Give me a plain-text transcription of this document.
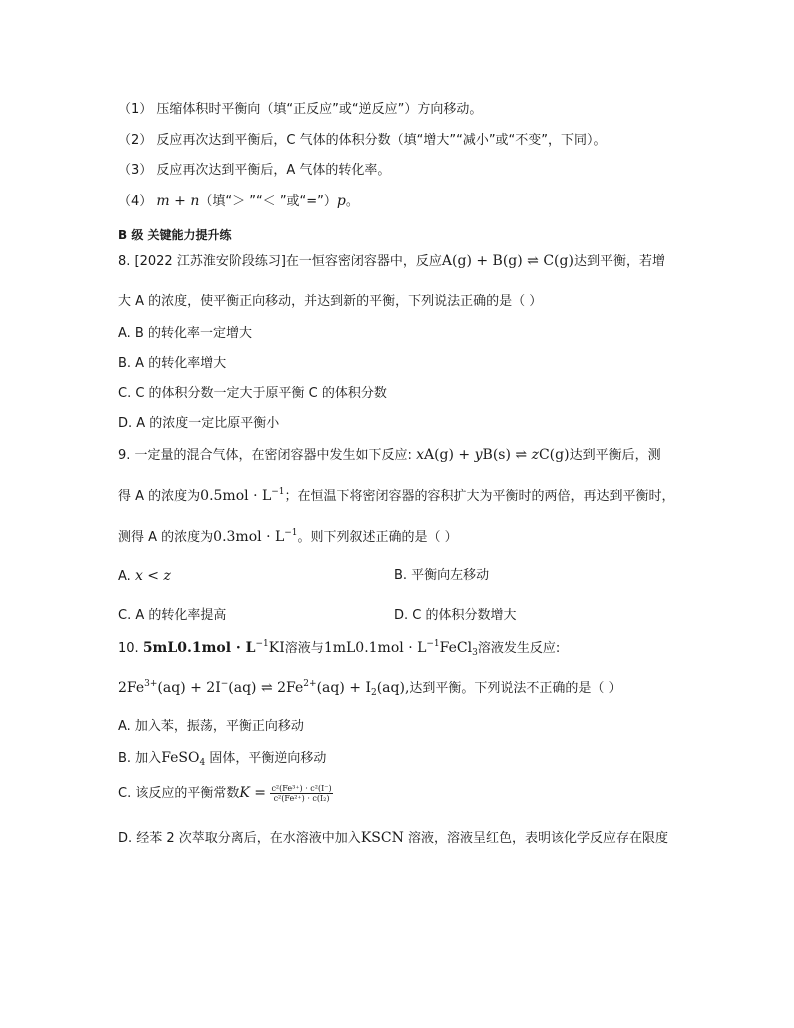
（1） 压缩体积时平衡向（填“正反应”或“逆反应”）方向移动。
（2） 反应再次达到平衡后，C 气体的体积分数（填“增大”“减小”或“不变”，下同）。
（3） 反应再次达到平衡后，A 气体的转化率。
（4） m + n（填“＞ ”“＜ ”或“=”）p。
B 级 关键能力提升练
8. [2022 江苏淮安阶段练习]在一恒容密闭容器中，反应A(g) + B(g) ⇌ C(g)达到平衡，若增
大 A 的浓度，使平衡正向移动，并达到新的平衡，下列说法正确的是（ ）
A. B 的转化率一定增大
B. A 的转化率增大
C. C 的体积分数一定大于原平衡 C 的体积分数
D. A 的浓度一定比原平衡小
9. 一定量的混合气体，在密闭容器中发生如下反应: xA(g) + yB(s) ⇌ zC(g)达到平衡后，测
得 A 的浓度为$0.5mol \cdot L^{-1}$；在恒温下将密闭容器的容积扩大为平衡时的两倍，再达到平衡时，
测得 A 的浓度为$0.3mol \cdot L^{-1}$。则下列叙述正确的是（ ）
A. x < z	B. 平衡向左移动
C. A 的转化率提高	D. C 的体积分数增大
10. $5mL0.1mol \cdot L^{-1}KI$溶液与$1mL0.1mol \cdot L^{-1}FeCl_3$溶液发生反应:
$2Fe^{3+}(aq) + 2I^-(aq)$ ⇌ $2Fe^{2+}(aq) + I_2(aq)$,达到平衡。下列说法不正确的是（ ）
A. 加入苯，振荡，平衡正向移动
B. 加入FeSO$_4$ 固体，平衡逆向移动
C. 该反应的平衡常数$K = \frac{\text{c²(Fe³⁺) · c²(I⁻)}}{\text{c²(Fe²⁺) · c(I₂)}}$
D. 经苯 2 次萃取分离后，在水溶液中加入KSCN 溶液，溶液呈红色，表明该化学反应存在限度
